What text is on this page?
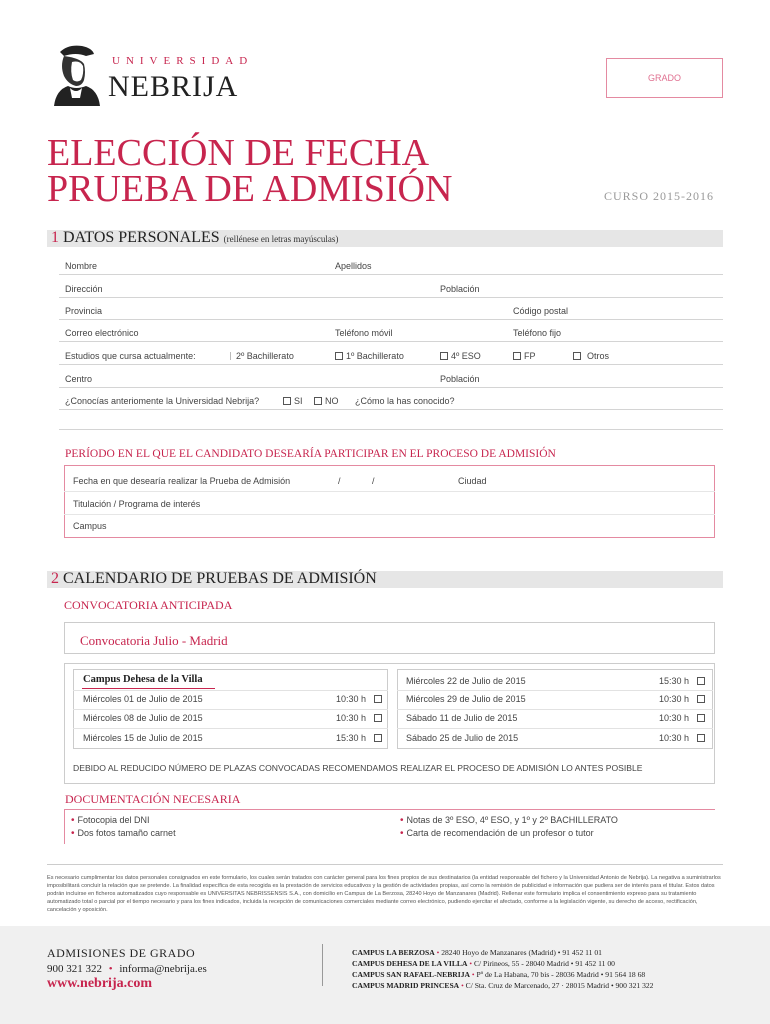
UNIVERSIDAD
NEBRIJA	GRADO
ELECCIÓN DE FECHA
PRUEBA DE ADMISIÓN	CURSO 2015-2016
1 DATOS PERSONALES (rellénese en letras mayúsculas)
Nombre	Apellidos
Dirección	Población
Provincia	Código postal
Correo electrónico	Teléfono móvil	Teléfono fijo
Estudios que cursa actualmente:	2º Bachillerato	1º Bachillerato	4º ESO	FP	Otros
Centro	Población
¿Conocías anteriomente la Universidad Nebrija?	SI	NO ¿Cómo la has conocido?
PERÍODO EN EL QUE EL CANDIDATO DESEARÍA PARTICIPAR EN EL PROCESO DE ADMISIÓN
Fecha en que desearía realizar la Prueba de Admisión	/	/	Ciudad
Titulación / Programa de interés
Campus
2 CALENDARIO DE PRUEBAS DE ADMISIÓN
CONVOCATORIA ANTICIPADA
Convocatoria Julio - Madrid
Campus Dehesa de la Villa
Miércoles 01 de Julio de 2015	10:30 h
Miércoles 08 de Julio de 2015	10:30 h
Miércoles 15 de Julio de 2015	15:30 h
Miércoles 22 de Julio de 2015	15:30 h
Miércoles 29 de Julio de 2015	10:30 h
Sábado 11 de Julio de 2015	10:30 h
Sábado 25 de Julio de 2015	10:30 h
DEBIDO AL REDUCIDO NÚMERO DE PLAZAS CONVOCADAS RECOMENDAMOS REALIZAR EL PROCESO DE ADMISIÓN LO ANTES POSIBLE
DOCUMENTACIÓN NECESARIA
• Fotocopia del DNI
• Dos fotos tamaño carnet
• Notas de 3º ESO, 4º ESO, y 1º y 2º BACHILLERATO
• Carta de recomendación de un profesor o tutor
Es necesario cumplimentar los datos personales consignados en este formulario, los cuales serán tratados con carácter general para los fines propios de sus destinatarios (la entidad responsable del fichero y la Universidad Antonio de Nebrija). La negativa a suministrarlos imposibilitará concluir la relación que se pretende. La finalidad específica de esta recogida es la prestación de servicios educativos y la gestión de actividades propias, así como la remisión de publicidad e información que pudiera ser de interés para el titular. Estos datos podrán incluirse en ficheros automatizados cuyo responsable es UNIVERSITAS NEBRISSENSIS S.A., con domicilio en Campus de La Berzosa, 28240 Hoyo de Manzanares (Madrid). Rellenar este formulario implica el consentimiento expreso para su tratamiento automatizado total o parcial por el tiempo necesario y para los fines indicados, incluida la recepción de comunicaciones comerciales mediante correo electrónico, pudiendo ejercitar el afectado, conforme a la legislación vigente, su derecho de acceso, rectificación, cancelación y oposición.
ADMISIONES DE GRADO
900 321 322 • informa@nebrija.es
www.nebrija.com
CAMPUS LA BERZOSA • 28240 Hoyo de Manzanares (Madrid) • 91 452 11 01
CAMPUS DEHESA DE LA VILLA • C/ Pirineos, 55 - 28040 Madrid • 91 452 11 00
CAMPUS SAN RAFAEL-NEBRIJA • Pº de La Habana, 70 bis - 28036 Madrid • 91 564 18 68
CAMPUS MADRID PRINCESA • C/ Sta. Cruz de Marcenado, 27 · 28015 Madrid • 900 321 322
